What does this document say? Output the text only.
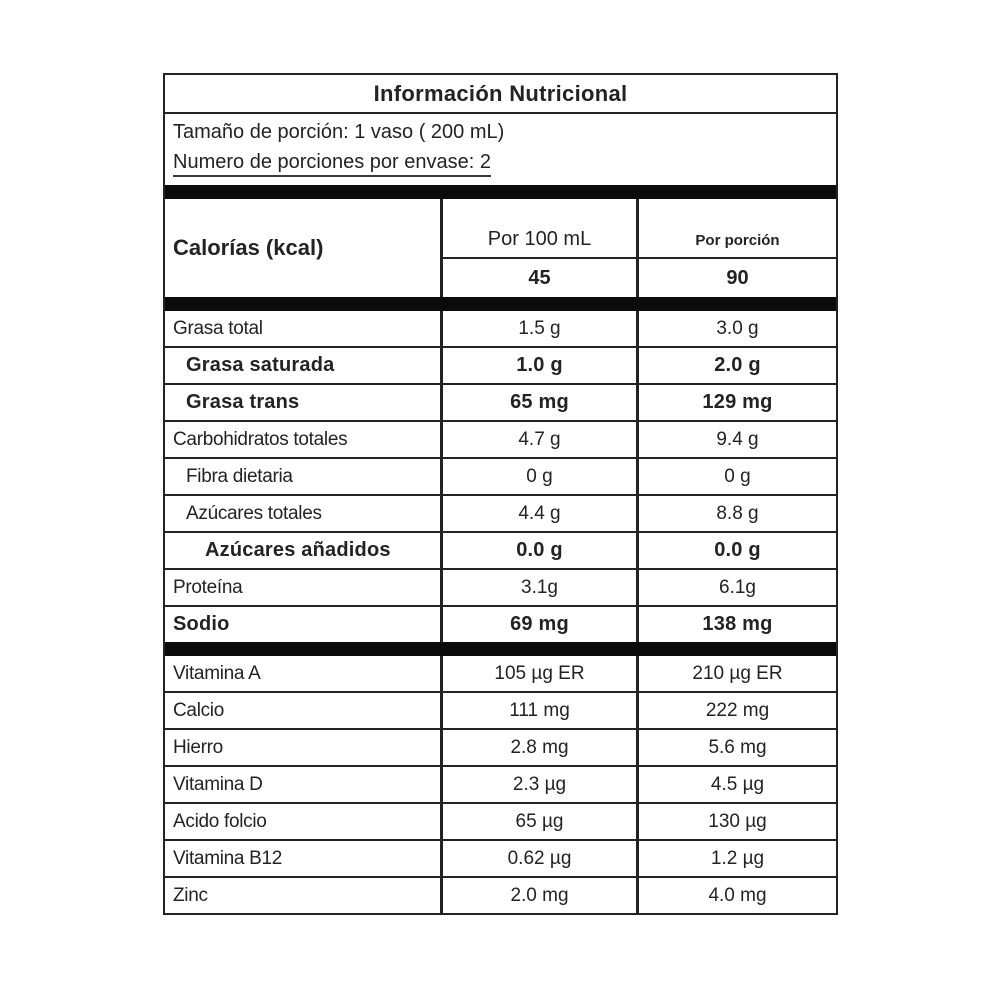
Información Nutricional
Tamaño de porción: 1 vaso ( 200 mL)
Numero de porciones por envase: 2
Calorías (kcal)	Por 100 mL	Por porción
45	90
Grasa total	1.5 g	3.0 g
Grasa saturada	1.0 g	2.0 g
Grasa trans	65 mg	129 mg
Carbohidratos totales	4.7 g	9.4 g
Fibra dietaria	0 g	0 g
Azúcares totales	4.4 g	8.8 g
Azúcares añadidos	0.0 g	0.0 g
Proteína	3.1g	6.1g
Sodio	69 mg	138 mg
Vitamina A	105 µg ER	210 µg ER
Calcio	111 mg	222 mg
Hierro	2.8 mg	5.6 mg
Vitamina D	2.3 µg	4.5 µg
Acido folcio	65 µg	130 µg
Vitamina B12	0.62 µg	1.2 µg
Zinc	2.0 mg	4.0 mg
